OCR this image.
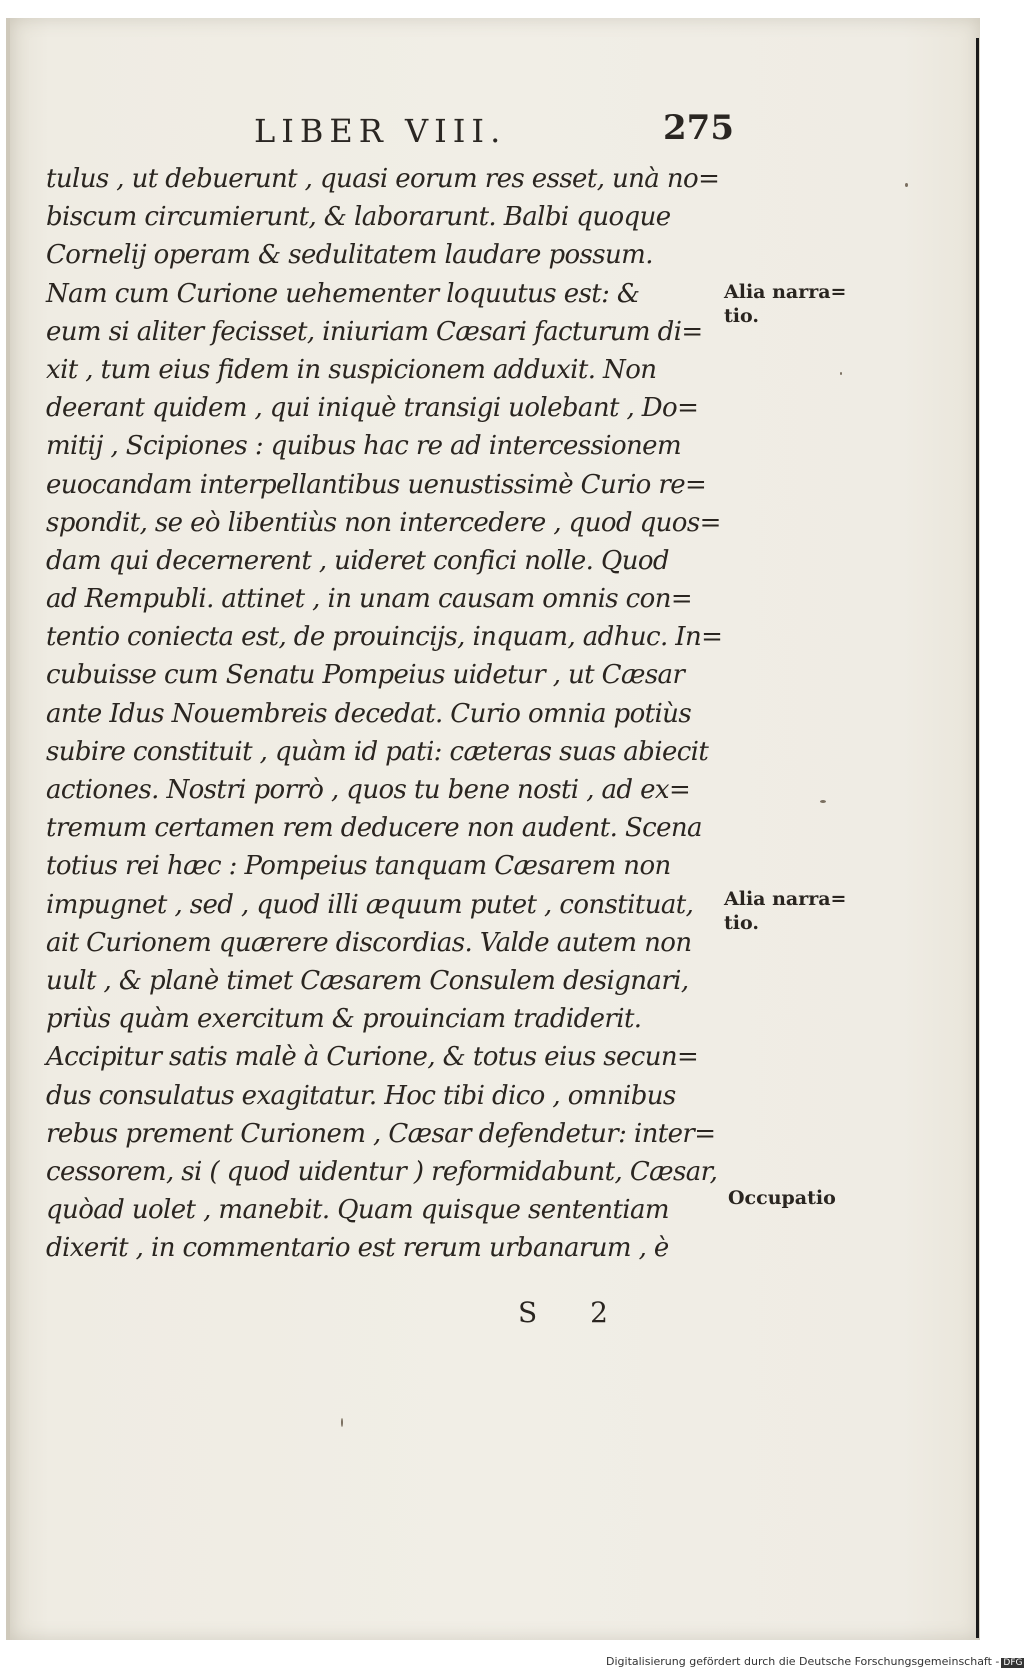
LIBER VIII.	275
tulus , ut debuerunt , quasi eorum res esset, unà no=
biscum circumierunt, & laborarunt. Balbi quoque
Cornelij operam & sedulitatem laudare possum.
Nam cum Curione uehementer loquutus est: &
eum si aliter fecisset, iniuriam Cæsari facturum di=
xit , tum eius fidem in suspicionem adduxit. Non
deerant quidem , qui iniquè transigi uolebant , Do=
mitij , Scipiones : quibus hac re ad intercessionem
euocandam interpellantibus uenustissimè Curio re=
spondit, se eò libentiùs non intercedere , quod quos=
dam qui decernerent , uideret confici nolle. Quod
ad Rempubli. attinet , in unam causam omnis con=
tentio coniecta est, de prouincijs, inquam, adhuc. In=
cubuisse cum Senatu Pompeius uidetur , ut Cæsar
ante Idus Nouembreis decedat. Curio omnia potiùs
subire constituit , quàm id pati: cæteras suas abiecit
actiones. Nostri porrò , quos tu bene nosti , ad ex=
tremum certamen rem deducere non audent. Scena
totius rei hæc : Pompeius tanquam Cæsarem non
impugnet , sed , quod illi æquum putet , constituat,
ait Curionem quærere discordias. Valde autem non
uult , & planè timet Cæsarem Consulem designari,
priùs quàm exercitum & prouinciam tradiderit.
Accipitur satis malè à Curione, & totus eius secun=
dus consulatus exagitatur. Hoc tibi dico , omnibus
rebus prement Curionem , Cæsar defendetur: inter=
cessorem, si ( quod uidentur ) reformidabunt, Cæsar,
quòad uolet , manebit. Quam quisque sententiam
dixerit , in commentario est rerum urbanarum , è
Alia narra=
tio.
Alia narra=
tio.
Occupatio
S 2
Digitalisierung gefördert durch die Deutsche Forschungsgemeinschaft - DFG
